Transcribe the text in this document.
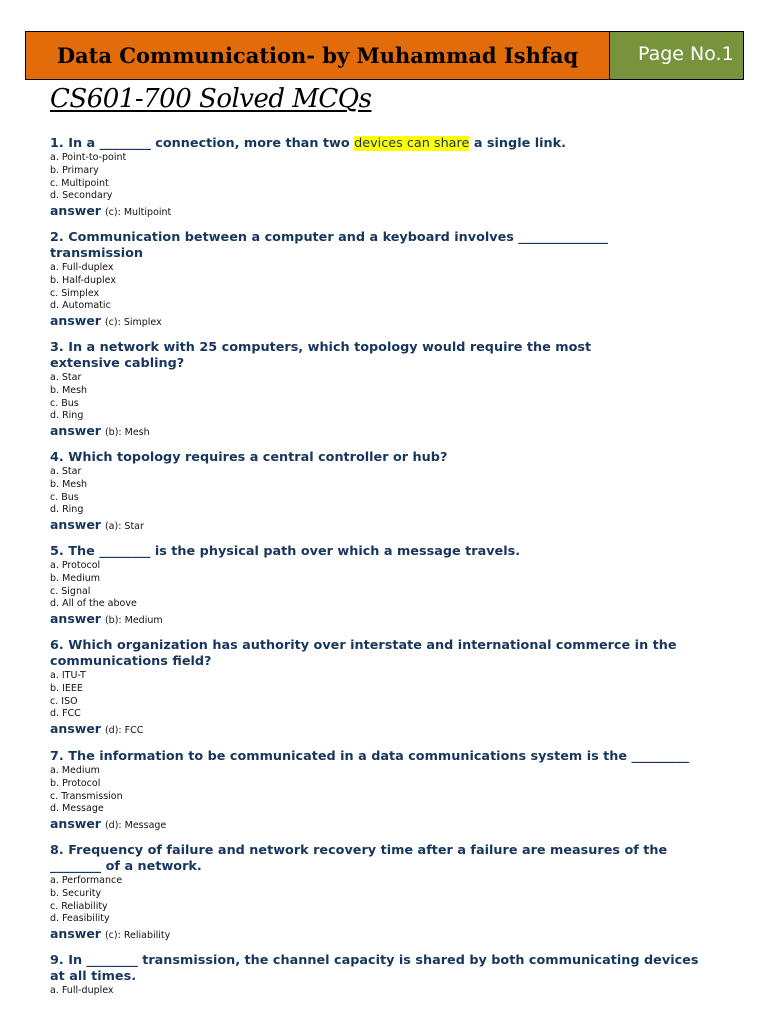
Data Communication- by Muhammad Ishfaq	Page No.1
CS601-700 Solved MCQs
1. In a ________ connection, more than two devices can share a single link.
a. Point-to-point
b. Primary
c. Multipoint
d. Secondary
answer (c): Multipoint
2. Communication between a computer and a keyboard involves ______________ transmission
a. Full-duplex
b. Half-duplex
c. Simplex
d. Automatic
answer (c): Simplex
3. In a network with 25 computers, which topology would require the most extensive cabling?
a. Star
b. Mesh
c. Bus
d. Ring
answer (b): Mesh
4. Which topology requires a central controller or hub?
a. Star
b. Mesh
c. Bus
d. Ring
answer (a): Star
5. The ________ is the physical path over which a message travels.
a. Protocol
b. Medium
c. Signal
d. All of the above
answer (b): Medium
6. Which organization has authority over interstate and international commerce in the communications field?
a. ITU-T
b. IEEE
c. ISO
d. FCC
answer (d): FCC
7. The information to be communicated in a data communications system is the _________
a. Medium
b. Protocol
c. Transmission
d. Message
answer (d): Message
8. Frequency of failure and network recovery time after a failure are measures of the ________ of a network.
a. Performance
b. Security
c. Reliability
d. Feasibility
answer (c): Reliability
9. In ________ transmission, the channel capacity is shared by both communicating devices at all times.
a. Full-duplex
